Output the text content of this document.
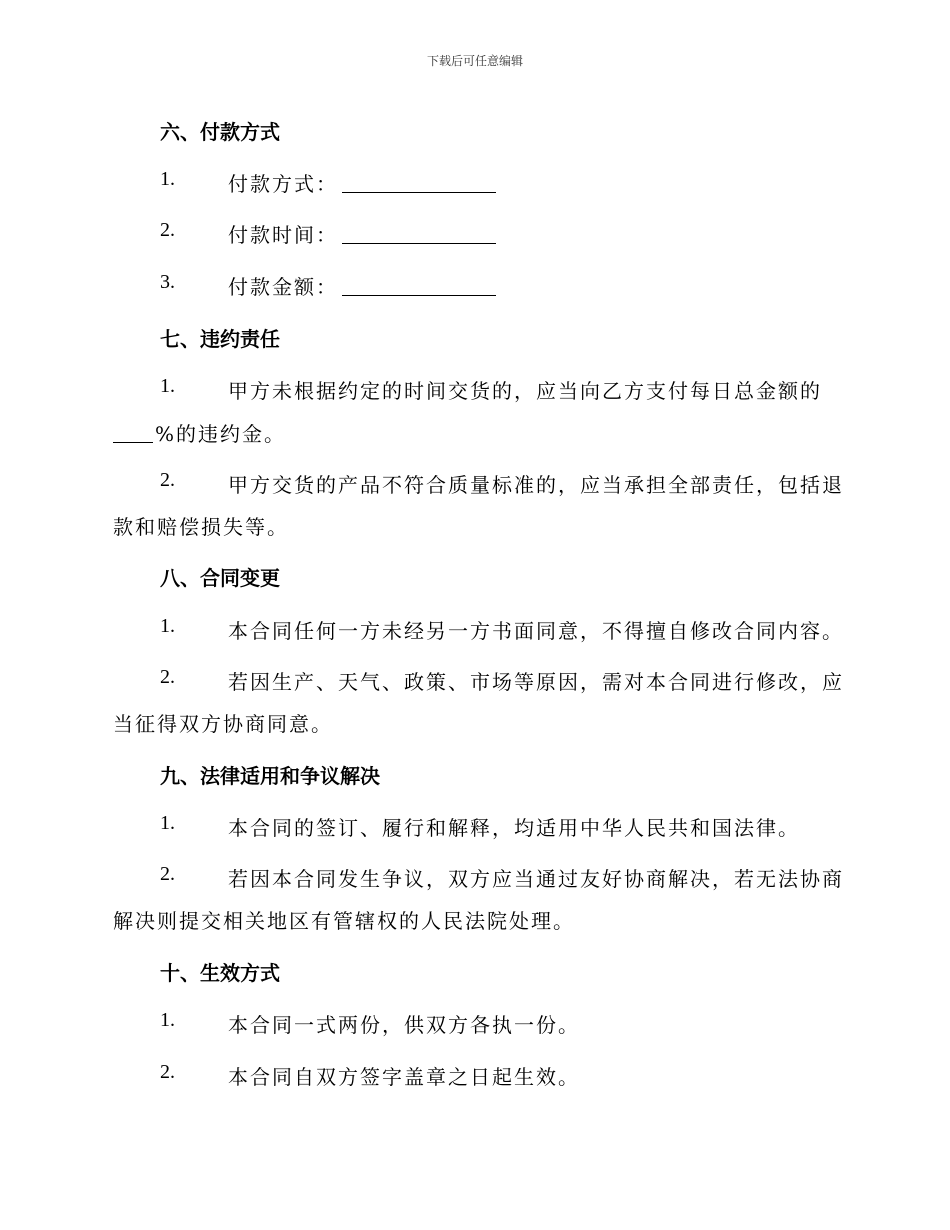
下载后可任意编辑
六、付款方式
1.	付款方式：
2.	付款时间：
3.	付款金额：
七、违约责任
1.	甲方未根据约定的时间交货的，应当向乙方支付每日总金额的
%的违约金。
2.	甲方交货的产品不符合质量标准的，应当承担全部责任，包括退
款和赔偿损失等。
八、合同变更
1.	本合同任何一方未经另一方书面同意，不得擅自修改合同内容。
2.	若因生产、天气、政策、市场等原因，需对本合同进行修改，应
当征得双方协商同意。
九、法律适用和争议解决
1.	本合同的签订、履行和解释，均适用中华人民共和国法律。
2.	若因本合同发生争议，双方应当通过友好协商解决，若无法协商
解决则提交相关地区有管辖权的人民法院处理。
十、生效方式
1.	本合同一式两份，供双方各执一份。
2.	本合同自双方签字盖章之日起生效。
